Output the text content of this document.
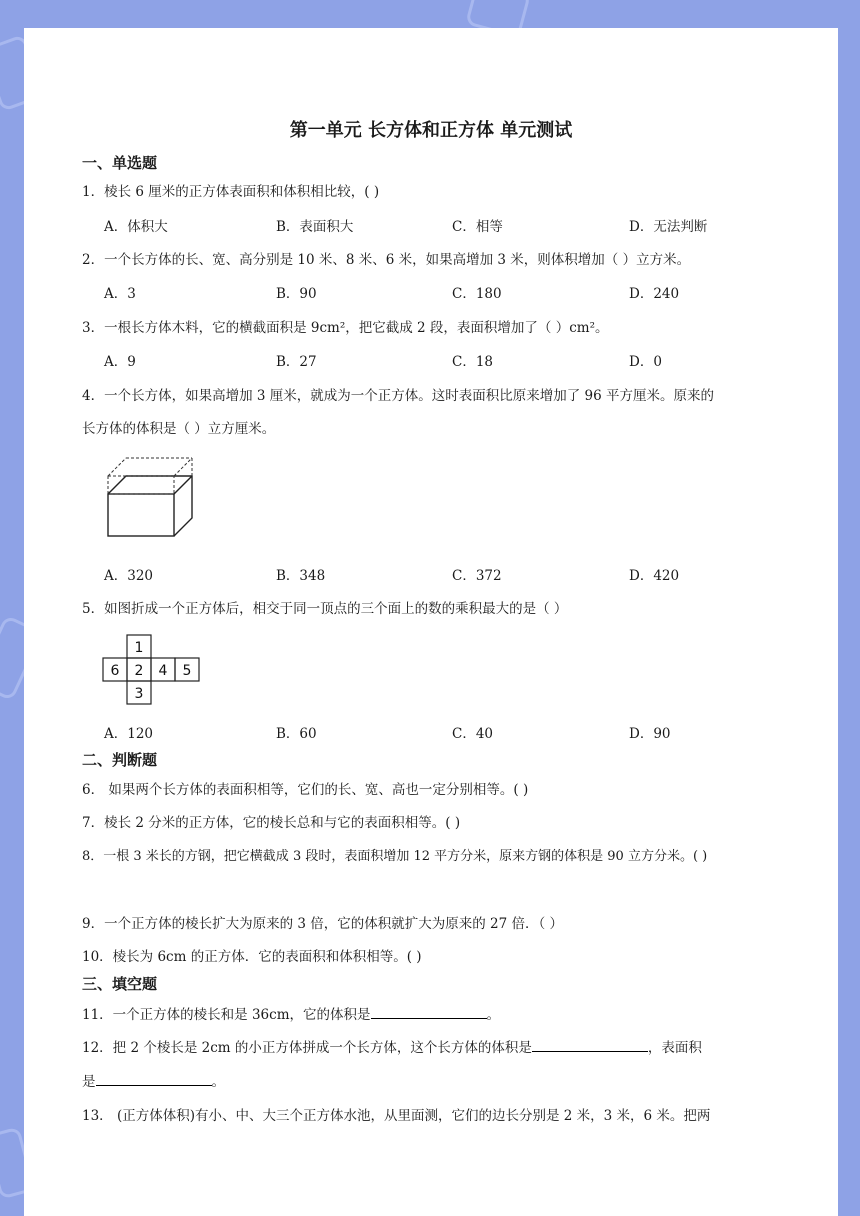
第一单元 长方体和正方体 单元测试
一、单选题
1．棱长 6 厘米的正方体表面积和体积相比较，( )
A．体积大	B．表面积大	C．相等	D．无法判断
2．一个长方体的长、宽、高分别是 10 米、8 米、6 米，如果高增加 3 米，则体积增加（ ）立方米。
A．3	B．90	C．180	D．240
3．一根长方体木料，它的横截面积是 9cm²，把它截成 2 段，表面积增加了（ ）cm²。
A．9	B．27	C．18	D．0
4．一个长方体，如果高增加 3 厘米，就成为一个正方体。这时表面积比原来增加了 96 平方厘米。原来的
长方体的体积是（ ）立方厘米。
A．320	B．348	C．372	D．420
5．如图折成一个正方体后，相交于同一顶点的三个面上的数的乘积最大的是（ ）
1
6 2 4 5
3
A．120	B．60	C．40	D．90
二、判断题
6． 如果两个长方体的表面积相等，它们的长、宽、高也一定分别相等。( )
7．棱长 2 分米的正方体，它的棱长总和与它的表面积相等。( )
8．一根 3 米长的方钢，把它横截成 3 段时，表面积增加 12 平方分米，原来方钢的体积是 90 立方分米。( )
9．一个正方体的棱长扩大为原来的 3 倍，它的体积就扩大为原来的 27 倍．（ ）
10．棱长为 6cm 的正方体．它的表面积和体积相等。( )
三、填空题
11．一个正方体的棱长和是 36cm，它的体积是	。
12．把 2 个棱长是 2cm 的小正方体拼成一个长方体，这个长方体的体积是	，表面积
是	。
13． (正方体体积)有小、中、大三个正方体水池，从里面测，它们的边长分别是 2 米，3 米，6 米。把两
